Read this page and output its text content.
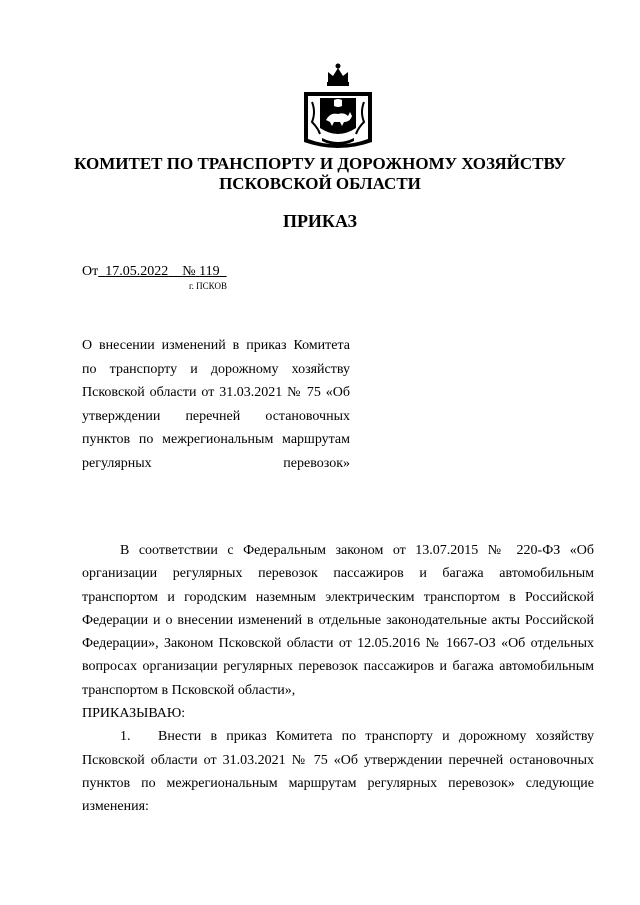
КОМИТЕТ ПО ТРАНСПОРТУ И ДОРОЖНОМУ ХОЗЯЙСТВУ
ПСКОВСКОЙ ОБЛАСТИ
ПРИКАЗ
От 17.05.2022 № 119
г. ПСКОВ
О внесении изменений в приказ Комитета по транспорту и дорожному хозяйству Псковской области от 31.03.2021 № 75 «Об утверждении перечней остановочных пунктов по межрегиональным маршрутам регулярных перевозок»
В соответствии с Федеральным законом от 13.07.2015 № 220-ФЗ «Об организации регулярных перевозок пассажиров и багажа автомобильным транспортом и городским наземным электрическим транспортом в Российской Федерации и о внесении изменений в отдельные законодательные акты Российской Федерации», Законом Псковской области от 12.05.2016 № 1667-ОЗ «Об отдельных вопросах организации регулярных перевозок пассажиров и багажа автомобильным транспортом в Псковской области»,
ПРИКАЗЫВАЮ:
1. Внести в приказ Комитета по транспорту и дорожному хозяйству Псковской области от 31.03.2021 № 75 «Об утверждении перечней остановочных пунктов по межрегиональным маршрутам регулярных перевозок» следующие изменения:
